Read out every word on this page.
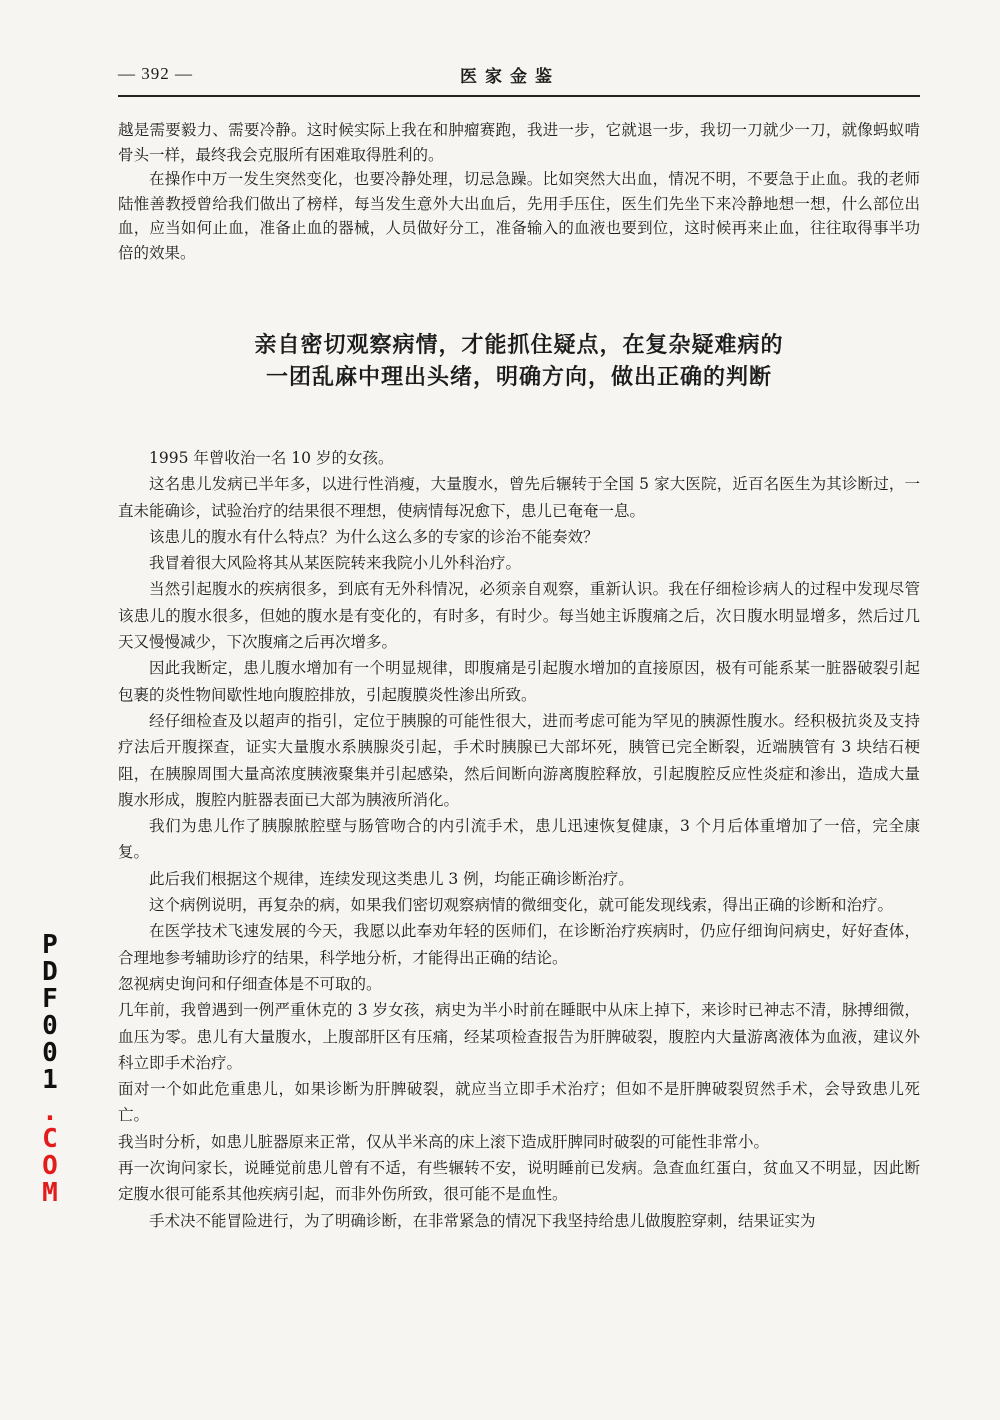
— 392 —	医家金鉴

越是需要毅力、需要冷静。这时候实际上我在和肿瘤赛跑，我进一步，它就退一步，我切一刀就少一刀，就像蚂蚁啃骨头一样，最终我会克服所有困难取得胜利的。

在操作中万一发生突然变化，也要冷静处理，切忌急躁。比如突然大出血，情况不明，不要急于止血。我的老师陆惟善教授曾给我们做出了榜样，每当发生意外大出血后，先用手压住，医生们先坐下来冷静地想一想，什么部位出血，应当如何止血，准备止血的器械，人员做好分工，准备输入的血液也要到位，这时候再来止血，往往取得事半功倍的效果。

亲自密切观察病情，才能抓住疑点，在复杂疑难病的
一团乱麻中理出头绪，明确方向，做出正确的判断

1995 年曾收治一名 10 岁的女孩。

这名患儿发病已半年多，以进行性消瘦，大量腹水，曾先后辗转于全国 5 家大医院，近百名医生为其诊断过，一直未能确诊，试验治疗的结果很不理想，使病情每况愈下，患儿已奄奄一息。

该患儿的腹水有什么特点？为什么这么多的专家的诊治不能奏效？

我冒着很大风险将其从某医院转来我院小儿外科治疗。

当然引起腹水的疾病很多，到底有无外科情况，必须亲自观察，重新认识。我在仔细检诊病人的过程中发现尽管该患儿的腹水很多，但她的腹水是有变化的，有时多，有时少。每当她主诉腹痛之后，次日腹水明显增多，然后过几天又慢慢减少，下次腹痛之后再次增多。

因此我断定，患儿腹水增加有一个明显规律，即腹痛是引起腹水增加的直接原因，极有可能系某一脏器破裂引起包裹的炎性物间歇性地向腹腔排放，引起腹膜炎性渗出所致。

经仔细检查及以超声的指引，定位于胰腺的可能性很大，进而考虑可能为罕见的胰源性腹水。经积极抗炎及支持疗法后开腹探查，证实大量腹水系胰腺炎引起，手术时胰腺已大部坏死，胰管已完全断裂，近端胰管有 3 块结石梗阻，在胰腺周围大量高浓度胰液聚集并引起感染，然后间断向游离腹腔释放，引起腹腔反应性炎症和渗出，造成大量腹水形成，腹腔内脏器表面已大部为胰液所消化。

我们为患儿作了胰腺脓腔壁与肠管吻合的内引流手术，患儿迅速恢复健康，3 个月后体重增加了一倍，完全康复。

此后我们根据这个规律，连续发现这类患儿 3 例，均能正确诊断治疗。

这个病例说明，再复杂的病，如果我们密切观察病情的微细变化，就可能发现线索，得出正确的诊断和治疗。

在医学技术飞速发展的今天，我愿以此奉劝年轻的医师们，在诊断治疗疾病时，仍应仔细询问病史，好好查体，合理地参考辅助诊疗的结果，科学地分析，才能得出正确的结论。

忽视病史询问和仔细查体是不可取的。

几年前，我曾遇到一例严重休克的 3 岁女孩，病史为半小时前在睡眠中从床上掉下，来诊时已神志不清，脉搏细微，血压为零。患儿有大量腹水，上腹部肝区有压痛，经某项检查报告为肝脾破裂，腹腔内大量游离液体为血液，建议外科立即手术治疗。

面对一个如此危重患儿，如果诊断为肝脾破裂，就应当立即手术治疗；但如不是肝脾破裂贸然手术，会导致患儿死亡。

我当时分析，如患儿脏器原来正常，仅从半米高的床上滚下造成肝脾同时破裂的可能性非常小。

再一次询问家长，说睡觉前患儿曾有不适，有些辗转不安，说明睡前已发病。急查血红蛋白，贫血又不明显，因此断定腹水很可能系其他疾病引起，而非外伤所致，很可能不是血性。

手术决不能冒险进行，为了明确诊断，在非常紧急的情况下我坚持给患儿做腹腔穿刺，结果证实为

PDF001.COM
